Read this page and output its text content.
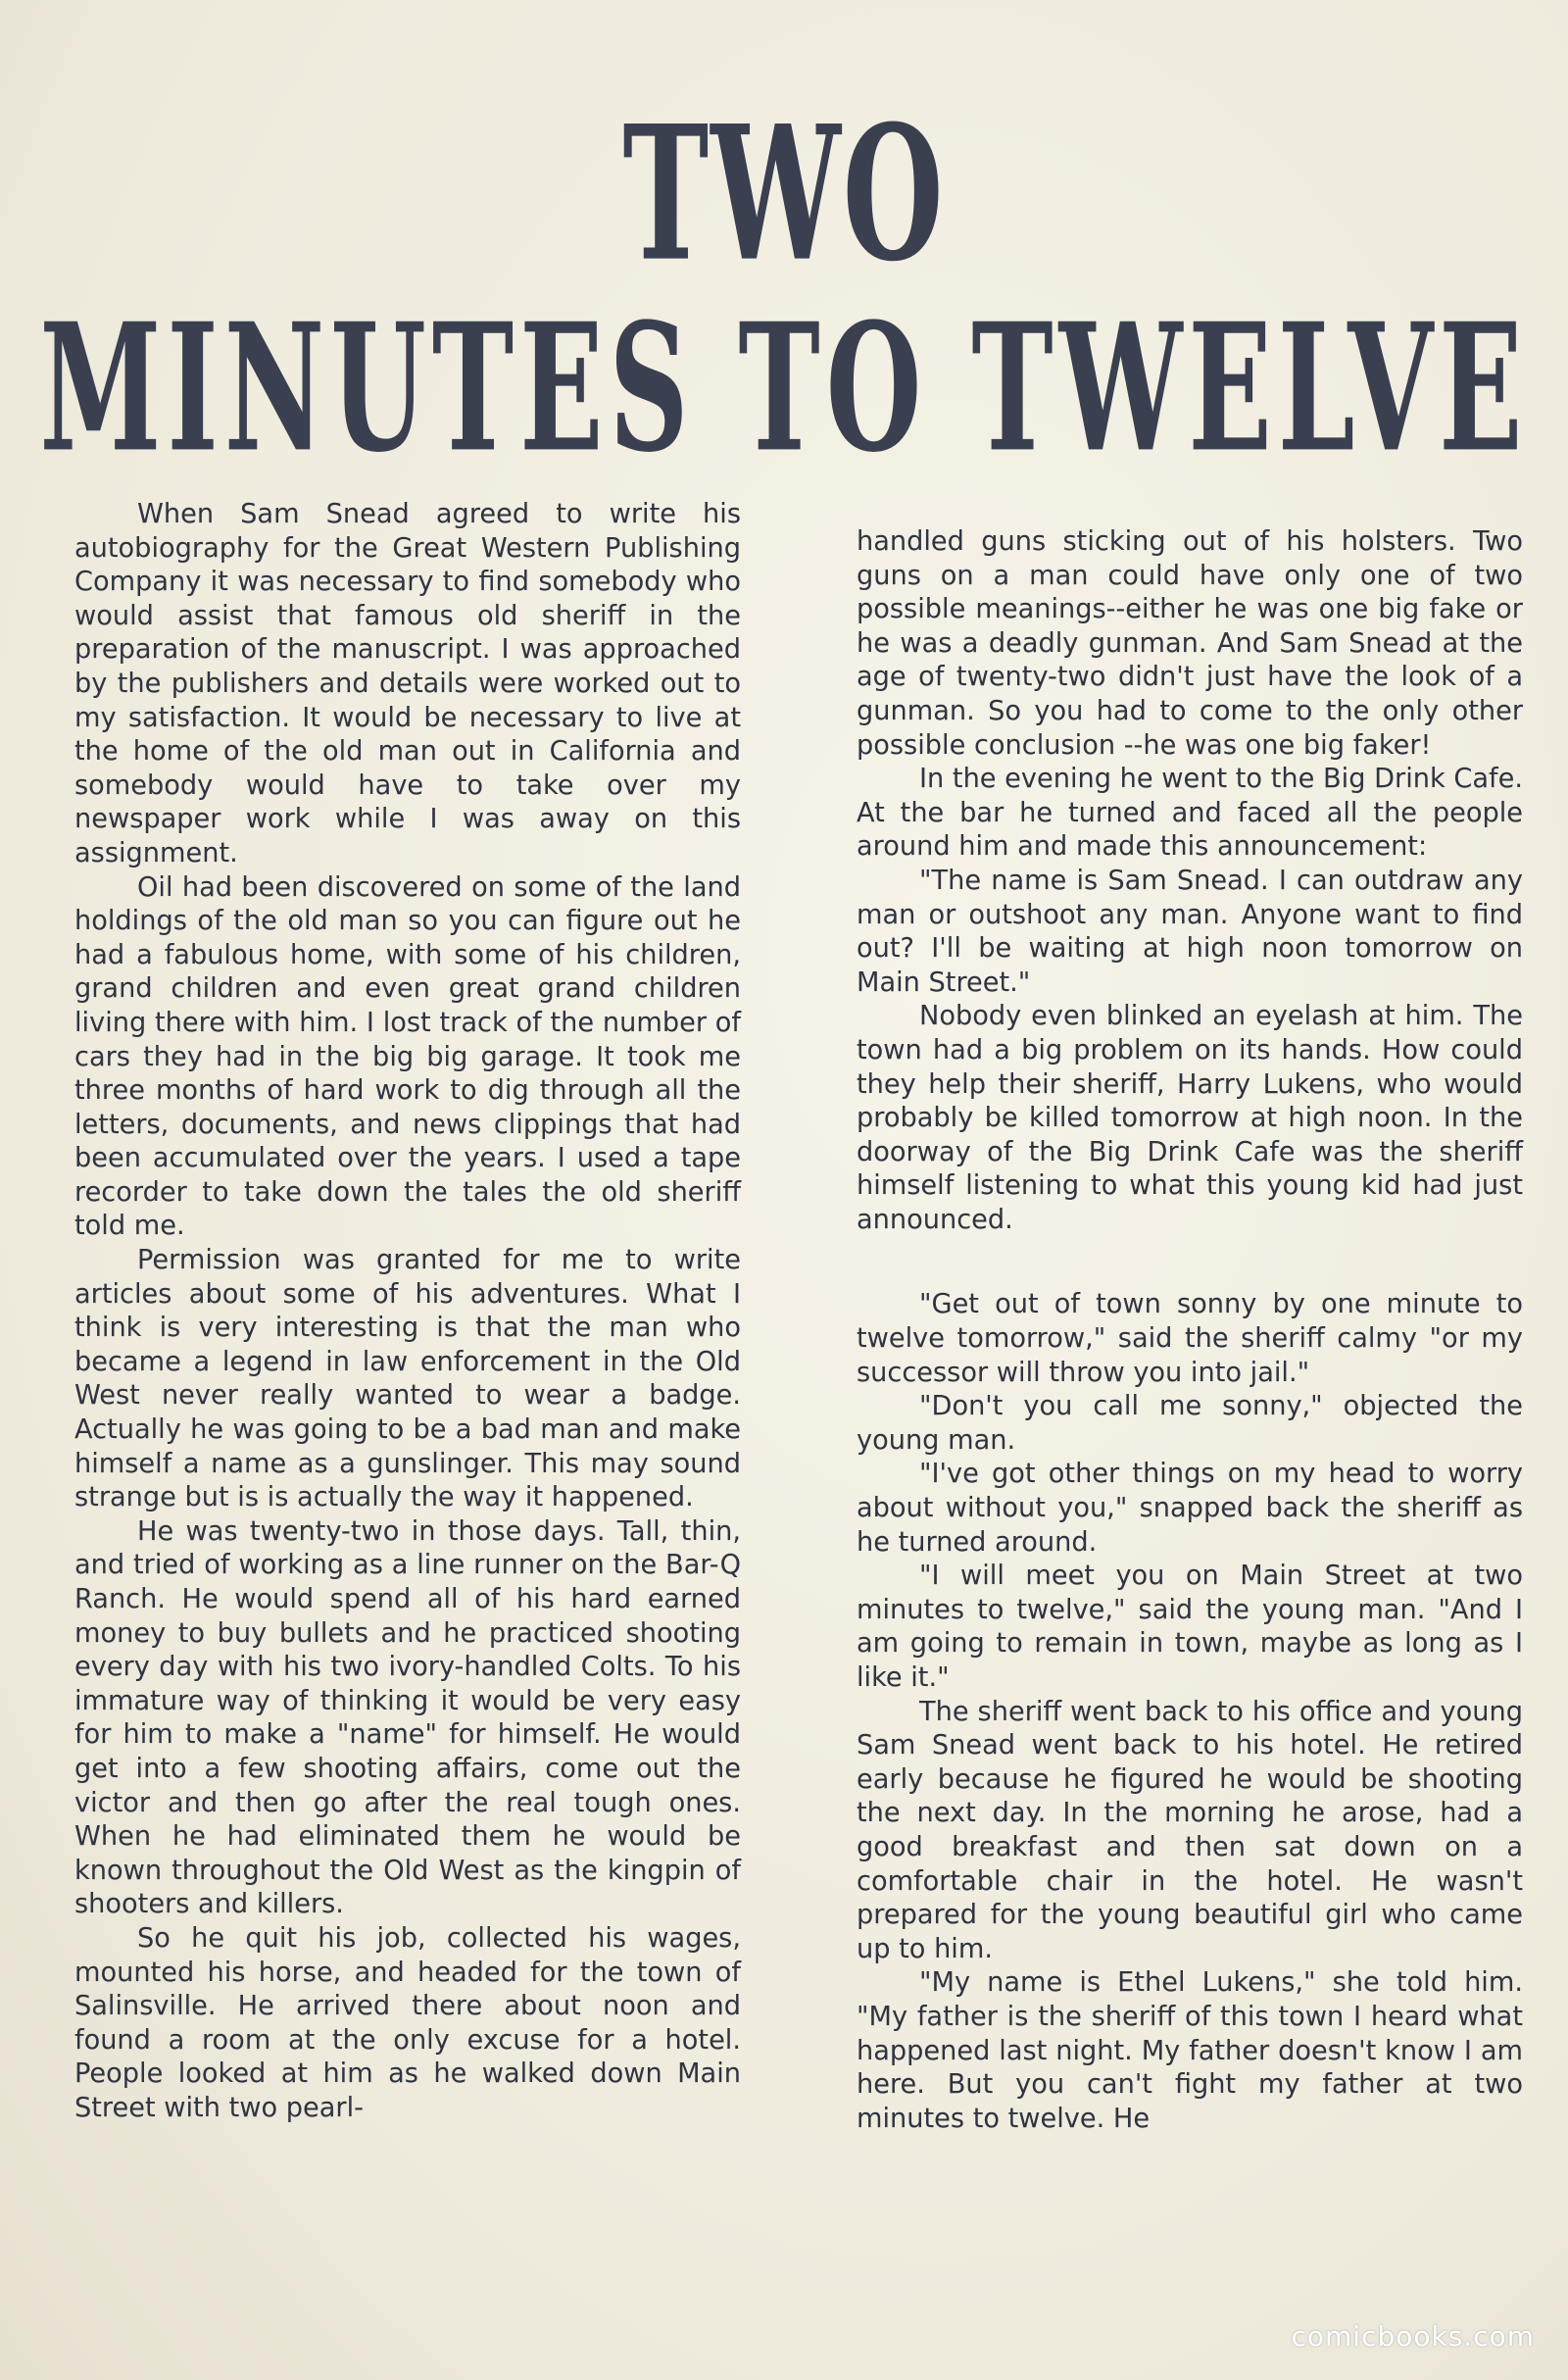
TWO
MINUTES TO TWELVE

When Sam Snead agreed to write his autobiography for the Great Western Publishing Company it was necessary to find somebody who would assist that famous old sheriff in the preparation of the manuscript. I was approached by the publishers and details were worked out to my satisfaction. It would be necessary to live at the home of the old man out in California and somebody would have to take over my newspaper work while I was away on this assignment.

Oil had been discovered on some of the land holdings of the old man so you can figure out he had a fabulous home, with some of his children, grand children and even great grand children living there with him. I lost track of the number of cars they had in the big big garage. It took me three months of hard work to dig through all the letters, documents, and news clippings that had been accumulated over the years. I used a tape recorder to take down the tales the old sheriff told me.

Permission was granted for me to write articles about some of his adventures. What I think is very interesting is that the man who became a legend in law enforcement in the Old West never really wanted to wear a badge. Actually he was going to be a bad man and make himself a name as a gunslinger. This may sound strange but is is actually the way it happened.

He was twenty-two in those days. Tall, thin, and tried of working as a line runner on the Bar-Q Ranch. He would spend all of his hard earned money to buy bullets and he practiced shooting every day with his two ivory-handled Colts. To his immature way of thinking it would be very easy for him to make a "name" for himself. He would get into a few shooting affairs, come out the victor and then go after the real tough ones. When he had eliminated them he would be known throughout the Old West as the kingpin of shooters and killers.

So he quit his job, collected his wages, mounted his horse, and headed for the town of Salinsville. He arrived there about noon and found a room at the only excuse for a hotel. People looked at him as he walked down Main Street with two pearl-

handled guns sticking out of his holsters. Two guns on a man could have only one of two possible meanings--either he was one big fake or he was a deadly gunman. And Sam Snead at the age of twenty-two didn't just have the look of a gunman. So you had to come to the only other possible conclusion --he was one big faker!

In the evening he went to the Big Drink Cafe. At the bar he turned and faced all the people around him and made this announcement:

"The name is Sam Snead. I can outdraw any man or outshoot any man. Anyone want to find out? I'll be waiting at high noon tomorrow on Main Street."

Nobody even blinked an eyelash at him. The town had a big problem on its hands. How could they help their sheriff, Harry Lukens, who would probably be killed tomorrow at high noon. In the doorway of the Big Drink Cafe was the sheriff himself listening to what this young kid had just announced.

"Get out of town sonny by one minute to twelve tomorrow," said the sheriff calmy "or my successor will throw you into jail."

"Don't you call me sonny," objected the young man.

"I've got other things on my head to worry about without you," snapped back the sheriff as he turned around.

"I will meet you on Main Street at two minutes to twelve," said the young man. "And I am going to remain in town, maybe as long as I like it."

The sheriff went back to his office and young Sam Snead went back to his hotel. He retired early because he figured he would be shooting the next day. In the morning he arose, had a good breakfast and then sat down on a comfortable chair in the hotel. He wasn't prepared for the young beautiful girl who came up to him.

"My name is Ethel Lukens," she told him. "My father is the sheriff of this town I heard what happened last night. My father doesn't know I am here. But you can't fight my father at two minutes to twelve. He

comicbooks.com
